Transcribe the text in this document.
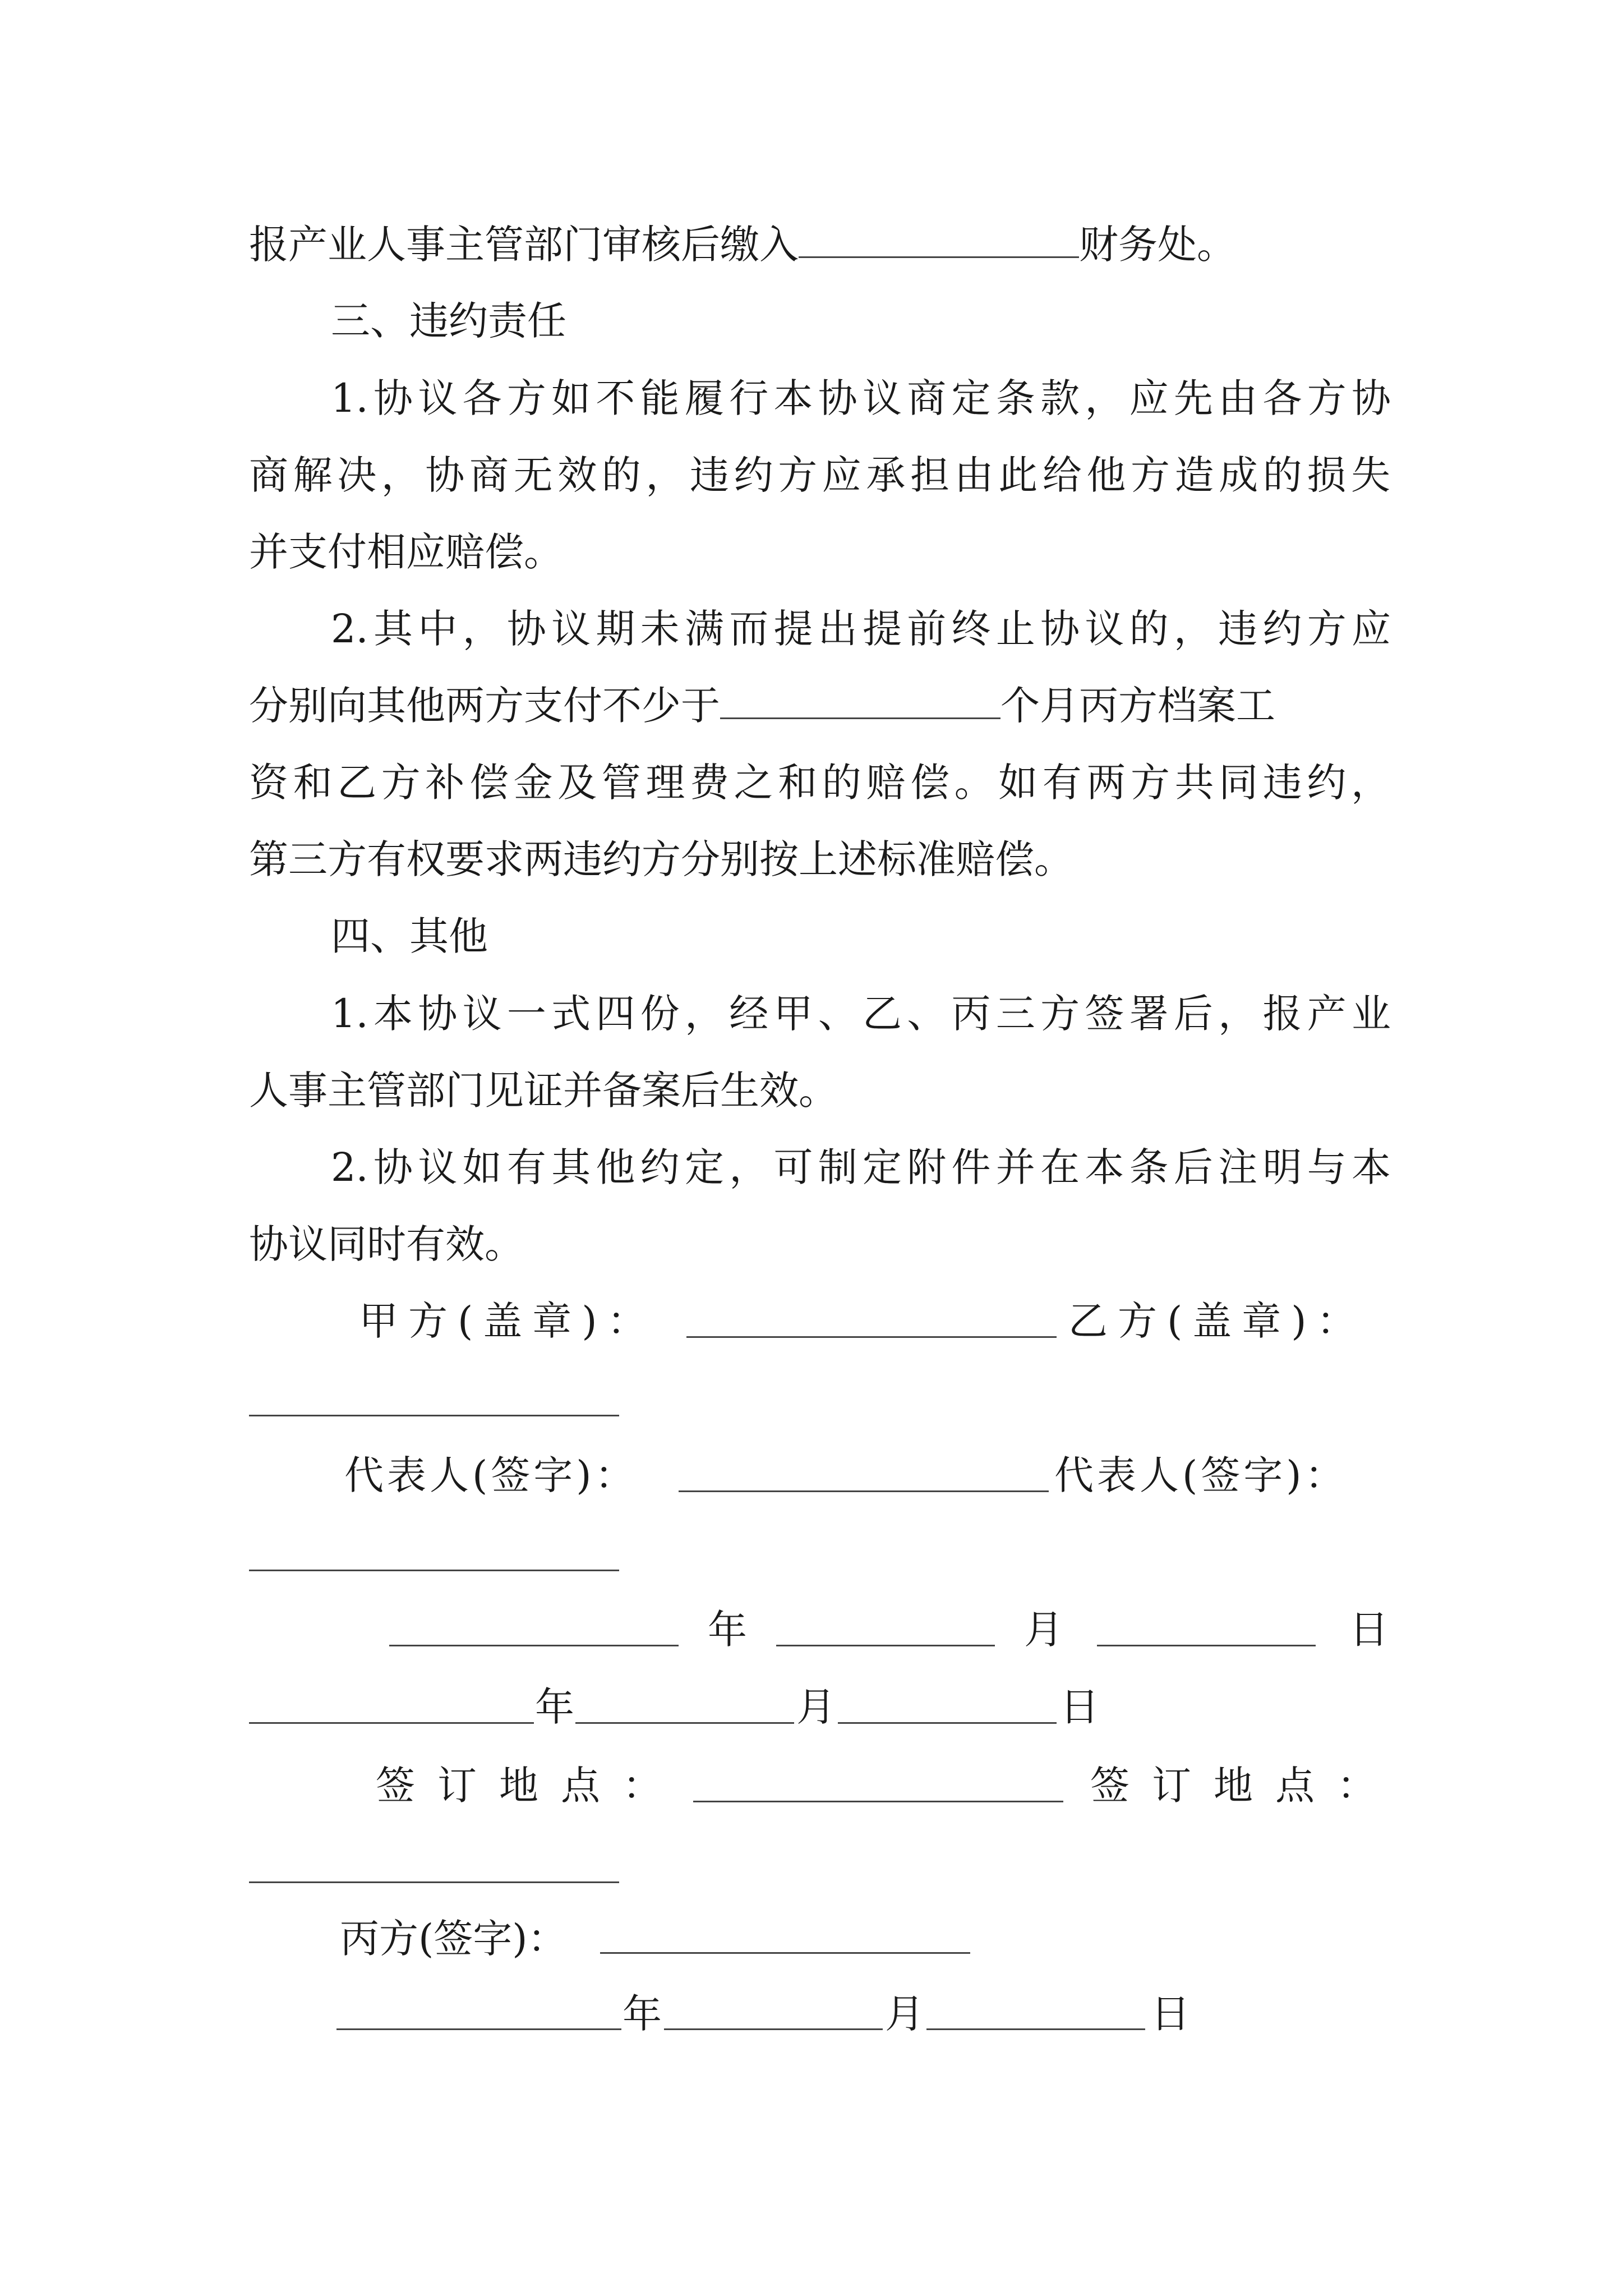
报产业人事主管部门审核后缴入	财务处。
三、违约责任
1.协议各方如不能履行本协议商定条款，应先由各方协
商解决，协商无效的，违约方应承担由此给他方造成的损失
并支付相应赔偿。
2.其中，协议期未满而提出提前终止协议的，违约方应
分别向其他两方支付不少于	个月丙方档案工
资和乙方补偿金及管理费之和的赔偿。如有两方共同违约，
第三方有权要求两违约方分别按上述标准赔偿。
四、其他
1.本协议一式四份，经甲、乙、丙三方签署后，报产业
人事主管部门见证并备案后生效。
2.协议如有其他约定，可制定附件并在本条后注明与本
协议同时有效。
甲方(盖章)：	乙方(盖章)：
代表人(签字)：	代表人(签字)：
年	月	日
年	月	日
签订地点：	签订地点：
丙方(签字)：
年	月	日
